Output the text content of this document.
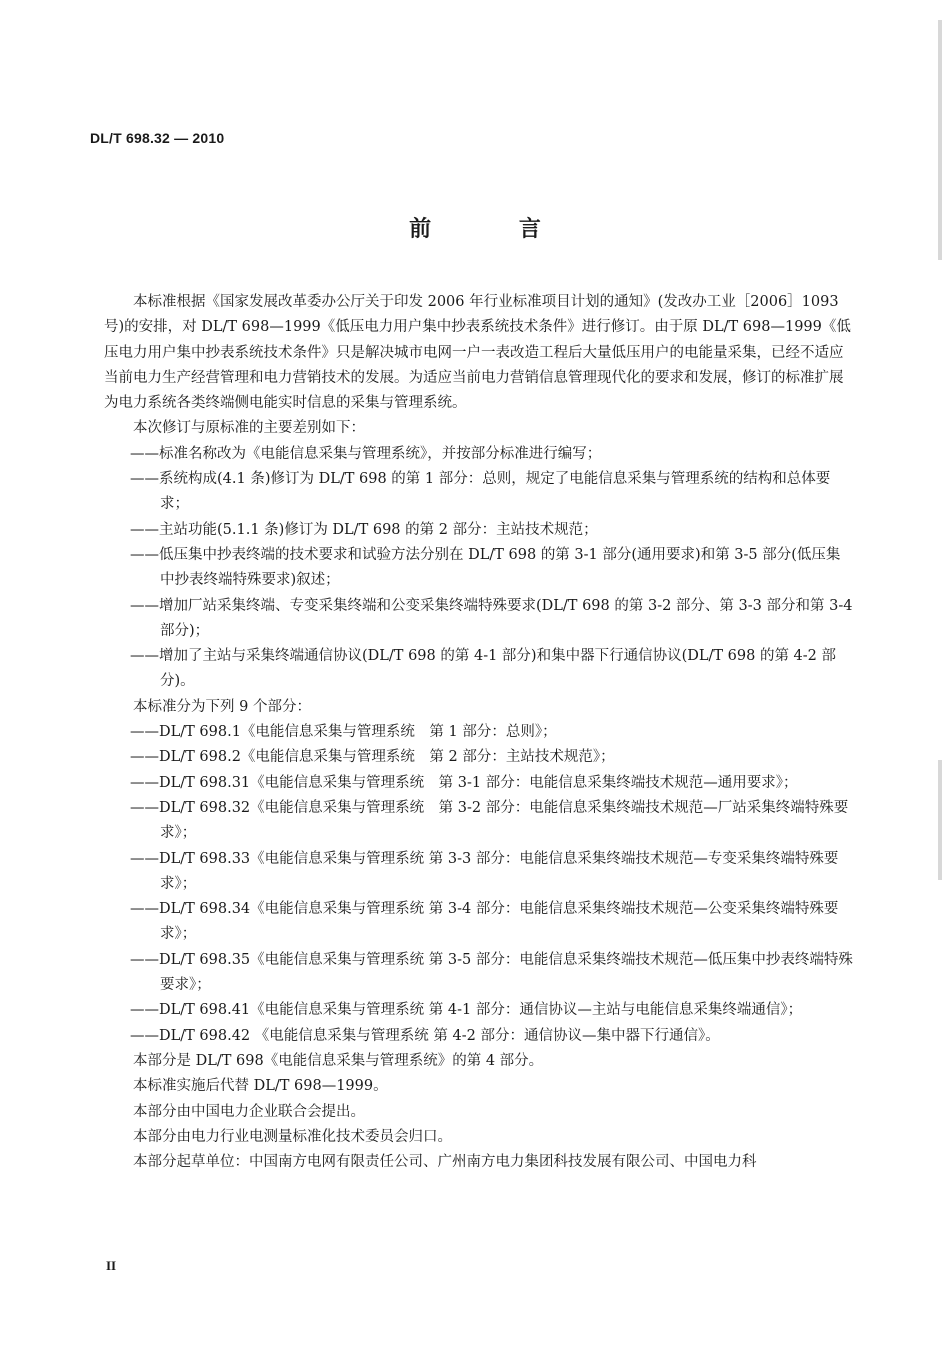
DL/T 698.32 — 2010
前 言

本标准根据《国家发展改革委办公厅关于印发 2006 年行业标准项目计划的通知》(发改办工业［2006］1093 号)的安排，对 DL/T 698—1999《低压电力用户集中抄表系统技术条件》进行修订。由于原 DL/T 698—1999《低压电力用户集中抄表系统技术条件》只是解决城市电网一户一表改造工程后大量低压用户的电能量采集，已经不适应当前电力生产经营管理和电力营销技术的发展。为适应当前电力营销信息管理现代化的要求和发展，修订的标准扩展为电力系统各类终端侧电能实时信息的采集与管理系统。

本次修订与原标准的主要差别如下：

——标准名称改为《电能信息采集与管理系统》，并按部分标准进行编写；

——系统构成(4.1 条)修订为 DL/T 698 的第 1 部分：总则，规定了电能信息采集与管理系统的结构和总体要求；

——主站功能(5.1.1 条)修订为 DL/T 698 的第 2 部分：主站技术规范；

——低压集中抄表终端的技术要求和试验方法分别在 DL/T 698 的第 3-1 部分(通用要求)和第 3-5 部分(低压集中抄表终端特殊要求)叙述；

——增加厂站采集终端、专变采集终端和公变采集终端特殊要求(DL/T 698 的第 3-2 部分、第 3-3 部分和第 3-4 部分)；

——增加了主站与采集终端通信协议(DL/T 698 的第 4-1 部分)和集中器下行通信协议(DL/T 698 的第 4-2 部分)。

本标准分为下列 9 个部分：

——DL/T 698.1《电能信息采集与管理系统　第 1 部分：总则》；

——DL/T 698.2《电能信息采集与管理系统　第 2 部分：主站技术规范》；

——DL/T 698.31《电能信息采集与管理系统　第 3-1 部分：电能信息采集终端技术规范—通用要求》；

——DL/T 698.32《电能信息采集与管理系统　第 3-2 部分：电能信息采集终端技术规范—厂站采集终端特殊要求》；

——DL/T 698.33《电能信息采集与管理系统 第 3-3 部分：电能信息采集终端技术规范—专变采集终端特殊要求》；

——DL/T 698.34《电能信息采集与管理系统 第 3-4 部分：电能信息采集终端技术规范—公变采集终端特殊要求》；

——DL/T 698.35《电能信息采集与管理系统 第 3-5 部分：电能信息采集终端技术规范—低压集中抄表终端特殊要求》；

——DL/T 698.41《电能信息采集与管理系统 第 4-1 部分：通信协议—主站与电能信息采集终端通信》；

——DL/T 698.42 《电能信息采集与管理系统 第 4-2 部分：通信协议—集中器下行通信》。

本部分是 DL/T 698《电能信息采集与管理系统》的第 4 部分。

本标准实施后代替 DL/T 698—1999。

本部分由中国电力企业联合会提出。

本部分由电力行业电测量标准化技术委员会归口。

本部分起草单位：中国南方电网有限责任公司、广州南方电力集团科技发展有限公司、中国电力科

II
